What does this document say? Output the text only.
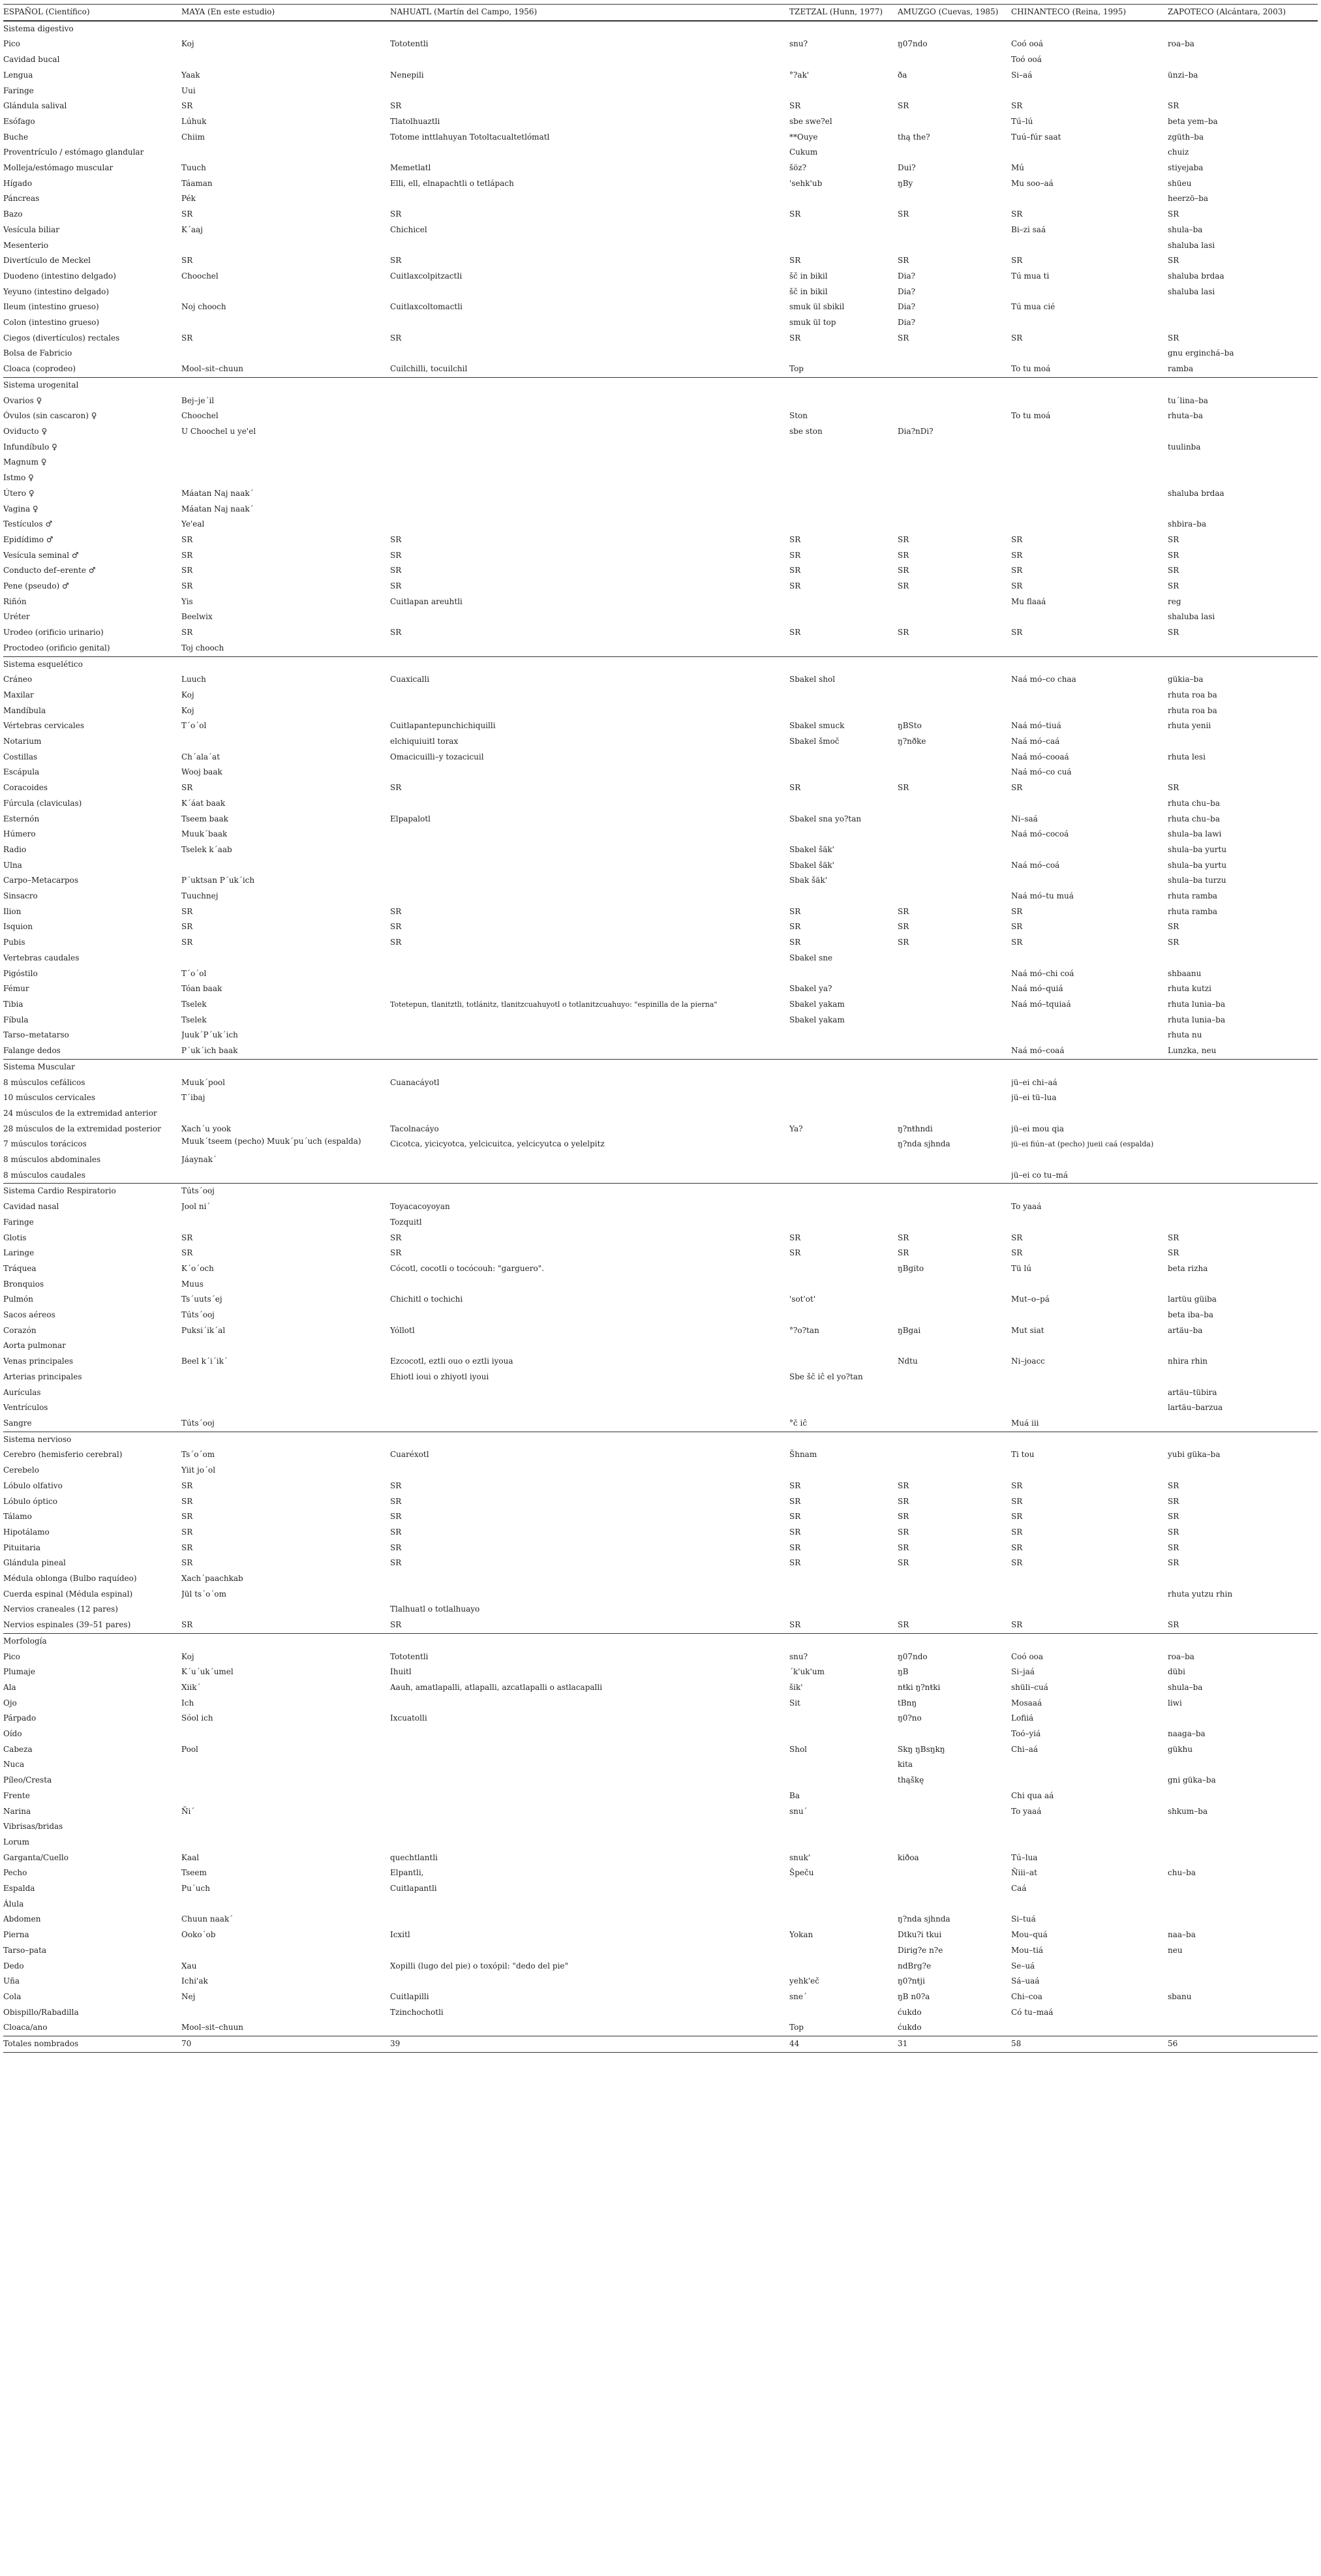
ESPAÑOL (Científico)	MAYA (En este estudio)	NAHUATL (Martín del Campo, 1956)	TZETZAL (Hunn, 1977)	AMUZGO (Cuevas, 1985)	CHINANTECO (Reina, 1995)	ZAPOTECO (Alcántara, 2003)
Sistema digestivo						
Pico	Koj	Tototentli	snu?	ŋ07ndo	Coó ooá	roa–ba
Cavidad bucal					Toó ooá	
Lengua	Yaak	Nenepili	°?ak'	ða	Si–aá	ünzi–ba
Faringe	Uui					
Glándula salival	SR	SR	SR	SR	SR	SR
Esófago	Lúhuk	Tlatolhuaztli	sbe swe?el		Tú–lú	beta yem–ba
Buche	Chiim	Totome inttlahuyan Totoltacualtetlómatl	**Ouye	thą the?	Tuú–fúr saat	zgüth–ba
Proventrículo / estómago glandular			Cukum			chuiz
Molleja/estómago muscular	Tuuch	Memetlatl	šöz?	Dui?	Mú	stiyejaba
Hígado	Táaman	Elli, ell, elnapachtli o tetlápach	'sehk'ub	ŋBy	Mu soo–aá	shüeu
Páncreas	Pék					heerzö–ba
Bazo	SR	SR	SR	SR	SR	SR
Vesícula biliar	K´aaj	Chichicel			Bi–zi saá	shula–ba
Mesenterio						shaluba lasi
Divertículo de Meckel	SR	SR	SR	SR	SR	SR
Duodeno (intestino delgado)	Choochel	Cuitlaxcolpitzactli	šč in bikil	Dia?	Tú mua ti	shaluba brdaa
Yeyuno (intestino delgado)			šč in bikil	Dia?		shaluba lasi
Ileum (intestino grueso)	Noj chooch	Cuitlaxcoltomactli	smuk ül sbikil	Dia?	Tú mua cié	
Colon (intestino grueso)			smuk ül top	Dia?		
Ciegos (divertículos) rectales	SR	SR	SR	SR	SR	SR
Bolsa de Fabricio						gnu erginchá–ba
Cloaca (coprodeo)	Mool–sit–chuun	Cuilchilli, tocuilchil	Top		To tu moá	ramba
Sistema urogenital						
Ovarios ♀	Bej–je´il					tu´lina–ba
Óvulos (sin cascaron) ♀	Choochel		Ston		To tu moá	rhuta–ba
Oviducto ♀	U Choochel u ye'el		sbe ston	Dia?nDi?		
Infundíbulo ♀						tuulinba
Magnum ♀						
Istmo ♀						
Útero ♀	Máatan Naj naak´					shaluba brdaa
Vagina ♀	Máatan Naj naak´					
Testículos ♂	Ye'eal					shbira–ba
Epidídimo ♂	SR	SR	SR	SR	SR	SR
Vesícula seminal ♂	SR	SR	SR	SR	SR	SR
Conducto def–erente ♂	SR	SR	SR	SR	SR	SR
Pene (pseudo) ♂	SR	SR	SR	SR	SR	SR
Riñón	Yis	Cuitlapan areuhtli			Mu flaaá	reg
Uréter	Beelwix					shaluba lasi
Urodeo (orificio urinario)	SR	SR	SR	SR	SR	SR
Proctodeo (orificio genital)	Toj chooch					
Sistema esquelético						
Cráneo	Luuch	Cuaxicalli	Sbakel shol		Naá mó–co chaa	gükia–ba
Maxilar	Koj					rhuta roa ba
Mandíbula	Koj					rhuta roa ba
Vértebras cervicales	T´o´ol	Cuitlapantepunchichiquilli	Sbakel smuck	ŋBSto	Naá mó–tiuá	rhuta yenii
Notarium		elchiquiuitl torax	Sbakel šmoč	ŋ?nðke	Naá mó–caá	
Costillas	Ch´ala´at	Omacicuilli–y tozacicuil			Naá mó–cooaá	rhuta lesi
Escápula	Wooj baak				Naá mó–co cuá	
Coracoides	SR	SR	SR	SR	SR	SR
Fúrcula (claviculas)	K´áat baak					rhuta chu–ba
Esternón	Tseem baak	Elpapalotl	Sbakel sna yo?tan		Ni–saá	rhuta chu–ba
Húmero	Muuk´baak				Naá mó–cocoá	shula–ba lawi
Radio	Tselek k´aab		Sbakel šäk'			shula–ba yurtu
Ulna			Sbakel šäk'		Naá mó–coá	shula–ba yurtu
Carpo–Metacarpos	P´uktsan P´uk´ich		Sbak šäk'			shula–ba turzu
Sinsacro	Tuuchnej				Naá mó–tu muá	rhuta ramba
Ilion	SR	SR	SR	SR	SR	rhuta ramba
Isquion	SR	SR	SR	SR	SR	SR
Pubis	SR	SR	SR	SR	SR	SR
Vertebras caudales			Sbakel sne			
Pigóstilo	T´o´ol				Naá mó–chi coá	shbaanu
Fémur	Tóan baak		Sbakel ya?		Naá mó–quiá	rhuta kutzi
Tibia	Tselek	Totetepun, tlanitztli, totlánitz, tlanitzcuahuyotl o totlanitzcuahuyo: "espinilla de la pierna"	Sbakel yakam		Naá mó–tquiaá	rhuta lunia–ba
Fíbula	Tselek		Sbakel yakam			rhuta lunia–ba
Tarso–metatarso	Juuk´P´uk´ich					rhuta nu
Falange dedos	P´uk´ich baak				Naá mó–coaá	Lunzka, neu
Sistema Muscular						
8 músculos cefálicos	Muuk´pool	Cuanacáyotl			jü–ei chi–aá	
10 músculos cervicales	T´ibaj				jü–ei tü–lua	
24 músculos de la extremidad anterior						
28 músculos de la extremidad posterior	Xach´u yook	Tacolnacáyo	Ya?	ŋ?nŧhndi	jü–ei mou qia	
7 músculos torácicos	Muuk´tseem (pecho) Muuk´pu´uch (espalda)	Cicotca, yicicyotca, yelcicuitca, yelcicyutca o yelelpitz		ŋ?nda sjhnda	jü–ei fiún–at (pecho) jueii caá (espalda)	
8 músculos abdominales	Jáaynak´					
8 músculos caudales					jü–ei co tu–má	
Sistema Cardio Respiratorio	Túts´ooj					
Cavidad nasal	Jool ni´	Toyacacoyoyan			To yaaá	
Faringe		Tozquitl				
Glotis	SR	SR	SR	SR	SR	SR
Laringe	SR	SR	SR	SR	SR	SR
Tráquea	K´o´och	Cócotl, cocotli o tocócouh: "garguero".		ŋBgito	Tü lú	beta rizha
Bronquios	Muus					
Pulmón	Ts´uuts´ej	Chichitl o tochichi	'sot'ot'		Mut–o–pá	lartüu güiba
Sacos aéreos	Túts´ooj					beta iba–ba
Corazón	Puksi´ik´al	Yóllotl	°?o?tan	ŋBgai	Mut siat	artäu–ba
Aorta pulmonar						
Venas principales	Beel k´i´ik´	Ezcocotl, eztli ouo o eztli iyoua		Ndtu	Ni–joacc	nhira rhin
Arterias principales		Ehiotl ioui o zhiyotl iyoui	Sbe šč iĉ el yo?tan			
Aurículas						artäu–tübira
Ventrículos						lartäu–barzua
Sangre	Túts´ooj		°č iĉ		Muá iii	
Sistema nervioso						
Cerebro (hemisferio cerebral)	Ts´o´om	Cuaréxotl	Šhnam		Ti tou	yubi güka–ba
Cerebelo	Yiit jo´ol					
Lóbulo olfativo	SR	SR	SR	SR	SR	SR
Lóbulo óptico	SR	SR	SR	SR	SR	SR
Tálamo	SR	SR	SR	SR	SR	SR
Hipotálamo	SR	SR	SR	SR	SR	SR
Pituitaria	SR	SR	SR	SR	SR	SR
Glándula pineal	SR	SR	SR	SR	SR	SR
Médula oblonga (Bulbo raquídeo)	Xach´paachkab					
Cuerda espinal (Médula espinal)	Jül ts´o´om					rhuta yutzu rhin
Nervios craneales (12 pares)		Tlalhuatl o totlalhuayo				
Nervios espinales (39–51 pares)	SR	SR	SR	SR	SR	SR
Morfología						
Pico	Koj	Tototentli	snu?	ŋ07ndo	Coó ooa	roa–ba
Plumaje	K´u´uk´umel	Ihuitl	´k'uk'um	ŋB	Si–jaá	dübi
Ala	Xiik´	Aauh, amatlapalli, atlapalli, azcatlapalli o astlacapalli	šik'	nŧki ŋ?nŧki	shüli–cuá	shula–ba
Ojo	Ich		Sit	tBnŋ	Mosaaá	liwi
Párpado	Sóol ich	Ixcuatolli		ŋ0?no	Lofiiá	
Oído					Toó–yiá	naaga–ba
Cabeza	Pool		Shol	Skŋ ŋBsŋkŋ	Chi–aá	gükhu
Nuca				kita		
Píleo/Cresta				thąškę		gni güka–ba
Frente			Ba		Chi qua aá	
Narina	Ñi´		snu´		To yaaá	shkum–ba
Vibrisas/bridas						
Lorum						
Garganta/Cuello	Kaal	quechtlantli	snuk'	kiðoa	Tú–lua	
Pecho	Tseem	Elpantli,	Špeču		Ñiii–at	chu–ba
Espalda	Pu´uch	Cuitlapantli			Caá	
Álula						
Abdomen	Chuun naak´			ŋ?nda sjhnda	Si–tuá	
Pierna	Ooko´ob	Icxitl	Yokan	Dtku?i tkui	Mou–quá	naa–ba
Tarso–pata				Dirig?e n?e	Mou–tiá	neu
Dedo	Xau	Xopilli (lugo del pie) o toxópil: "dedo del pie"		ndBrg?e	Se–uá	
Uña	Ichi'ak		yehk'eč	ŋ0?nŧji	Sá–uaá	
Cola	Nej	Cuitlapilli	sne´	ŋB n0?a	Chi–coa	sbanu
Obispillo/Rabadilla		Tzinchochotli		ćukdo	Có tu–maá	
Cloaca/ano	Mool–sit–chuun		Top	ćukdo		
Totales nombrados	70	39	44	31	58	56
